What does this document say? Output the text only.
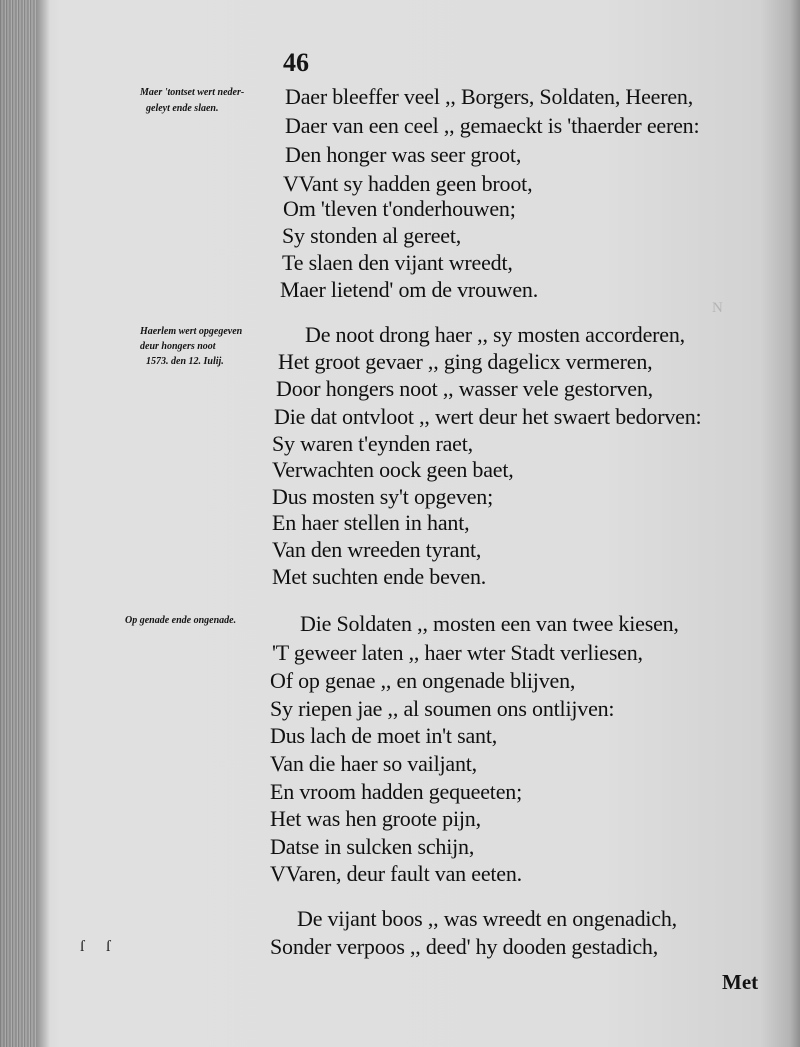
N
46
Maer 'tontset wert neder-
geleyt ende slaen.
Haerlem wert opgegeven
deur hongers noot
1573. den 12. Iulij.
Op genade ende ongenade.
Daer bleeffer veel ,, Borgers, Soldaten, Heeren,
Daer van een ceel ,, gemaeckt is 'thaerder eeren:
Den honger was seer groot,
VVant sy hadden geen broot,
Om 'tleven t'onderhouwen;
Sy stonden al gereet,
Te slaen den vijant wreedt,
Maer lietend' om de vrouwen.
De noot drong haer ,, sy mosten accorderen,
Het groot gevaer ,, ging dagelicx vermeren,
Door hongers noot ,, wasser vele gestorven,
Die dat ontvloot ,, wert deur het swaert bedorven:
Sy waren t'eynden raet,
Verwachten oock geen baet,
Dus mosten sy't opgeven;
En haer stellen in hant,
Van den wreeden tyrant,
Met suchten ende beven.
Die Soldaten ,, mosten een van twee kiesen,
'T geweer laten ,, haer wter Stadt verliesen,
Of op genae ,, en ongenade blijven,
Sy riepen jae ,, al soumen ons ontlijven:
Dus lach de moet in't sant,
Van die haer so vailjant,
En vroom hadden gequeeten;
Het was hen groote pijn,
Datse in sulcken schijn,
VVaren, deur fault van eeten.
De vijant boos ,, was wreedt en ongenadich,
Sonder verpoos ,, deed' hy dooden gestadich,
ſ ſ
Met
